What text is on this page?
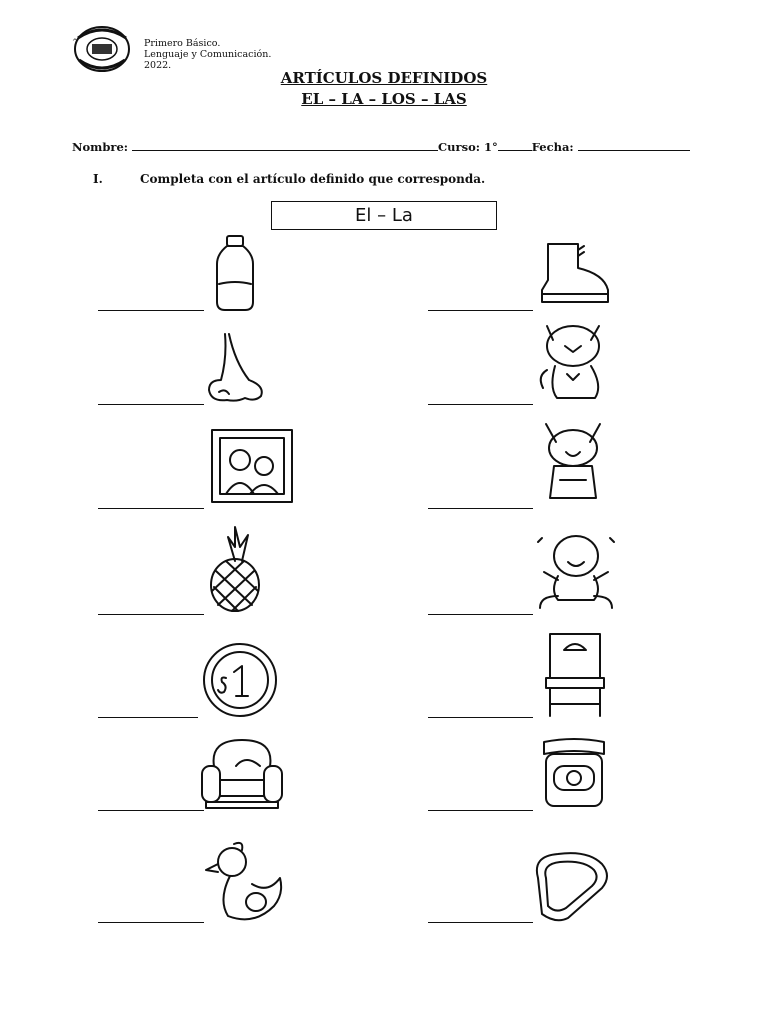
^	Primero Básico.
Lenguaje y Comunicación.
2022.
ARTÍCULOS DEFINIDOS
EL – LA – LOS – LAS
Nombre:	Curso: 1°	Fecha:
I.	Completa con el artículo definido que corresponda.
El – La
